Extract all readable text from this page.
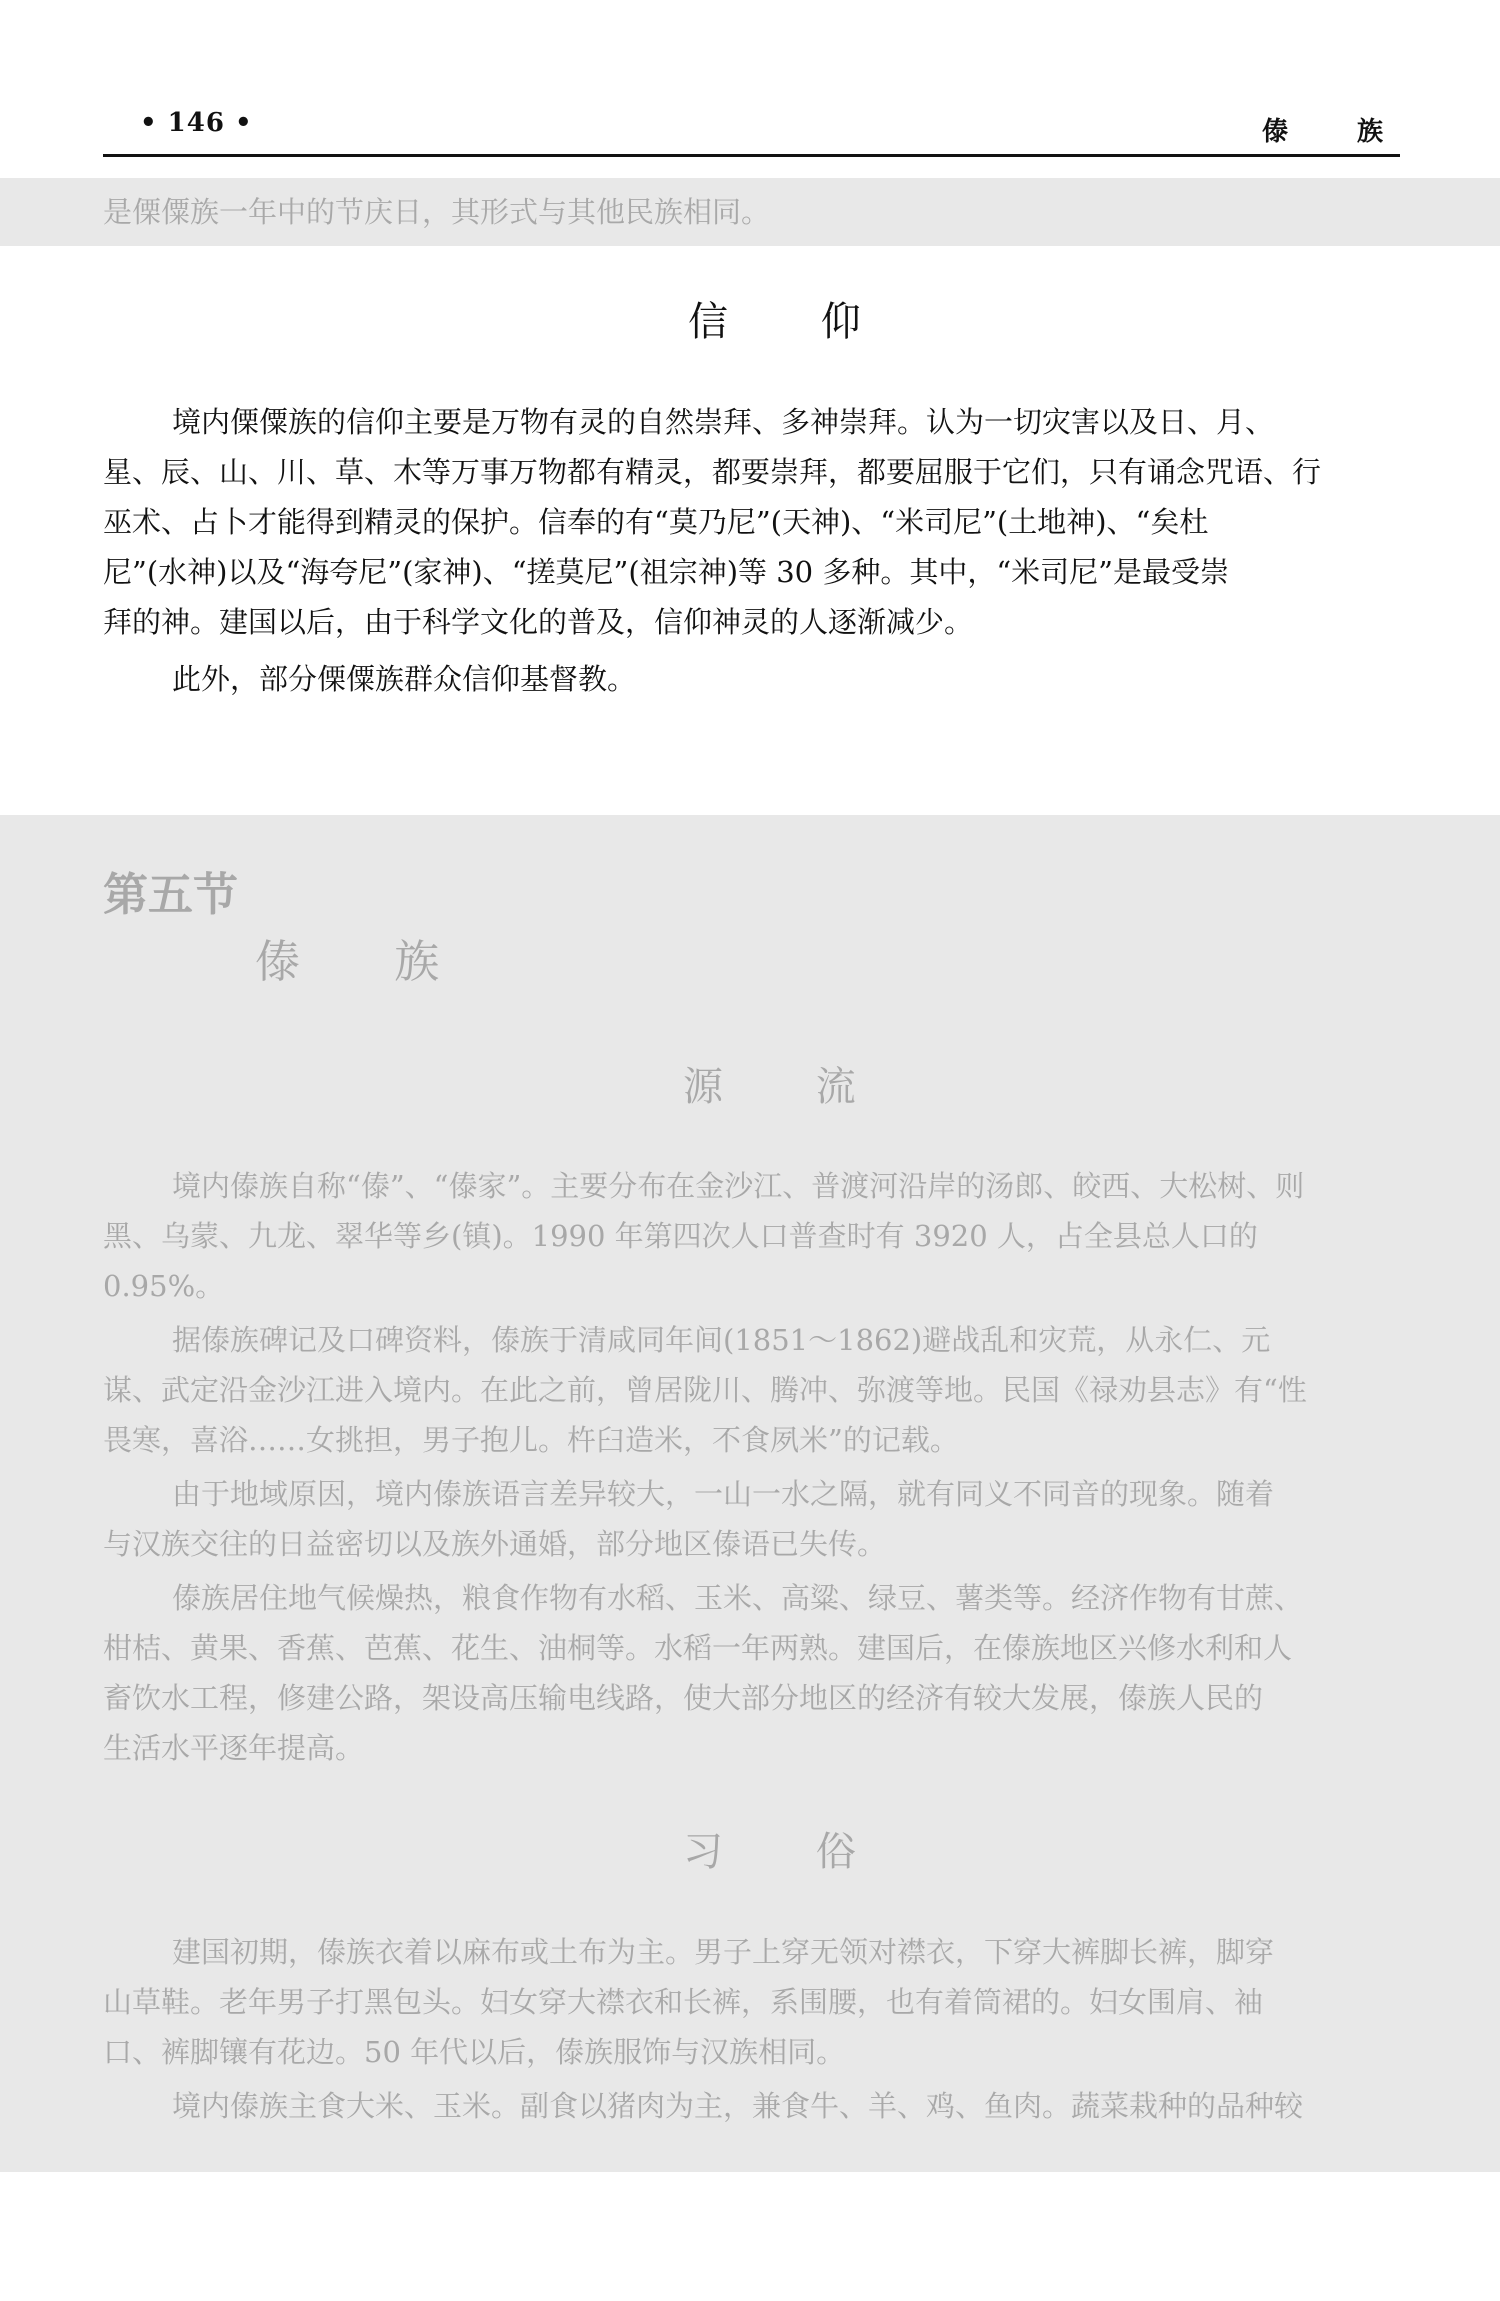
• 146 •	傣 族
是傈僳族一年中的节庆日，其形式与其他民族相同。
信 仰
境内傈僳族的信仰主要是万物有灵的自然崇拜、多神崇拜。认为一切灾害以及日、月、
星、辰、山、川、草、木等万事万物都有精灵，都要崇拜，都要屈服于它们，只有诵念咒语、行
巫术、占卜才能得到精灵的保护。信奉的有“莫乃尼”(天神)、“米司尼”(土地神)、“矣杜
尼”(水神)以及“海夸尼”(家神)、“搓莫尼”(祖宗神)等 30 多种。其中，“米司尼”是最受崇
拜的神。建国以后，由于科学文化的普及，信仰神灵的人逐渐减少。
此外，部分傈僳族群众信仰基督教。
第五节
傣 族
源 流
境内傣族自称“傣”、“傣家”。主要分布在金沙江、普渡河沿岸的汤郎、皎西、大松树、则
黑、乌蒙、九龙、翠华等乡(镇)。1990 年第四次人口普查时有 3920 人，占全县总人口的
0.95%。
据傣族碑记及口碑资料，傣族于清咸同年间(1851～1862)避战乱和灾荒，从永仁、元
谋、武定沿金沙江进入境内。在此之前，曾居陇川、腾冲、弥渡等地。民国《禄劝县志》有“性
畏寒，喜浴……女挑担，男子抱儿。杵臼造米，不食夙米”的记载。
由于地域原因，境内傣族语言差异较大，一山一水之隔，就有同义不同音的现象。随着
与汉族交往的日益密切以及族外通婚，部分地区傣语已失传。
傣族居住地气候燥热，粮食作物有水稻、玉米、高粱、绿豆、薯类等。经济作物有甘蔗、
柑桔、黄果、香蕉、芭蕉、花生、油桐等。水稻一年两熟。建国后，在傣族地区兴修水利和人
畜饮水工程，修建公路，架设高压输电线路，使大部分地区的经济有较大发展，傣族人民的
生活水平逐年提高。
习 俗
建国初期，傣族衣着以麻布或土布为主。男子上穿无领对襟衣，下穿大裤脚长裤，脚穿
山草鞋。老年男子打黑包头。妇女穿大襟衣和长裤，系围腰，也有着筒裙的。妇女围肩、袖
口、裤脚镶有花边。50 年代以后，傣族服饰与汉族相同。
境内傣族主食大米、玉米。副食以猪肉为主，兼食牛、羊、鸡、鱼肉。蔬菜栽种的品种较
